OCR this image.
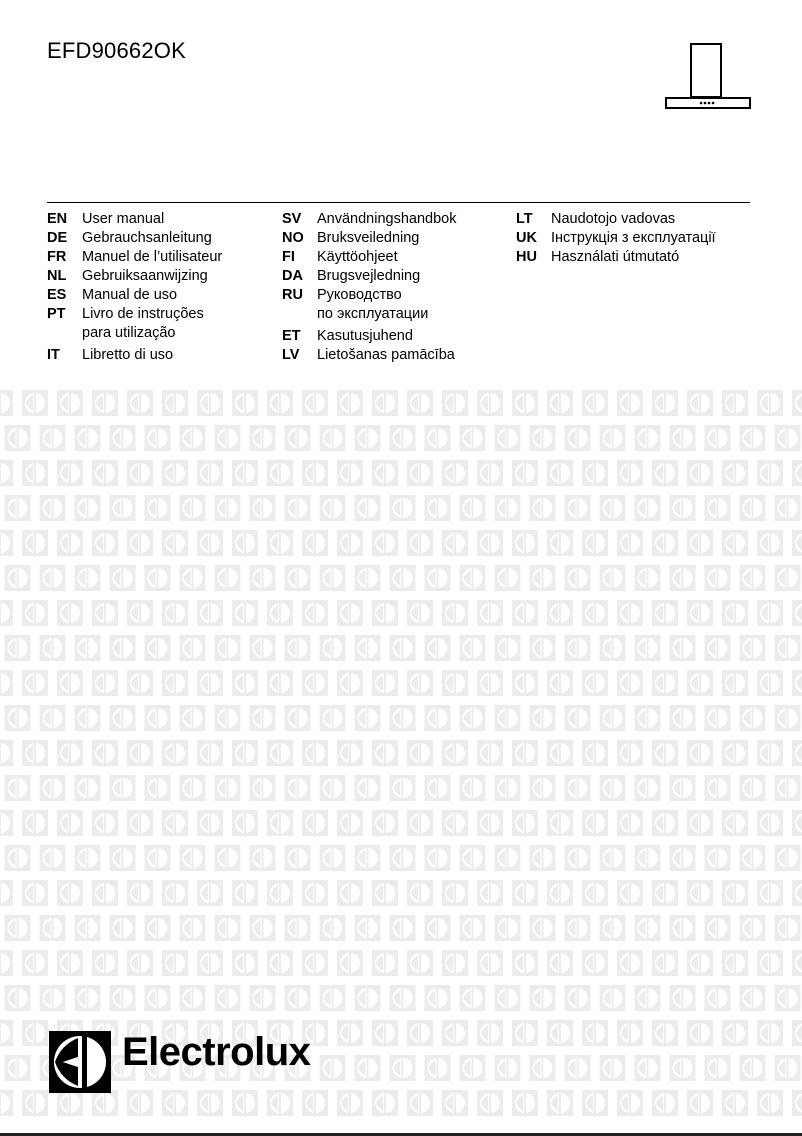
EFD90662OK
EN	User manual
DE	Gebrauchsanleitung
FR	Manuel de l’utilisateur
NL	Gebruiksaanwijzing
ES	Manual de uso
PT	Livro de instruções
para utilização
IT	Libretto di uso
SV	Användningshandbok
NO Bruksveiledning
FI	Käyttöohjeet
DA Brugsvejledning
RU Руководство
по эксплуатации
ET	Kasutusjuhend
LV	Lietošanas pamācība
LT	Naudotojo vadovas
UK Інструкція з експлуатації
HU Használati útmutató
Electrolux
